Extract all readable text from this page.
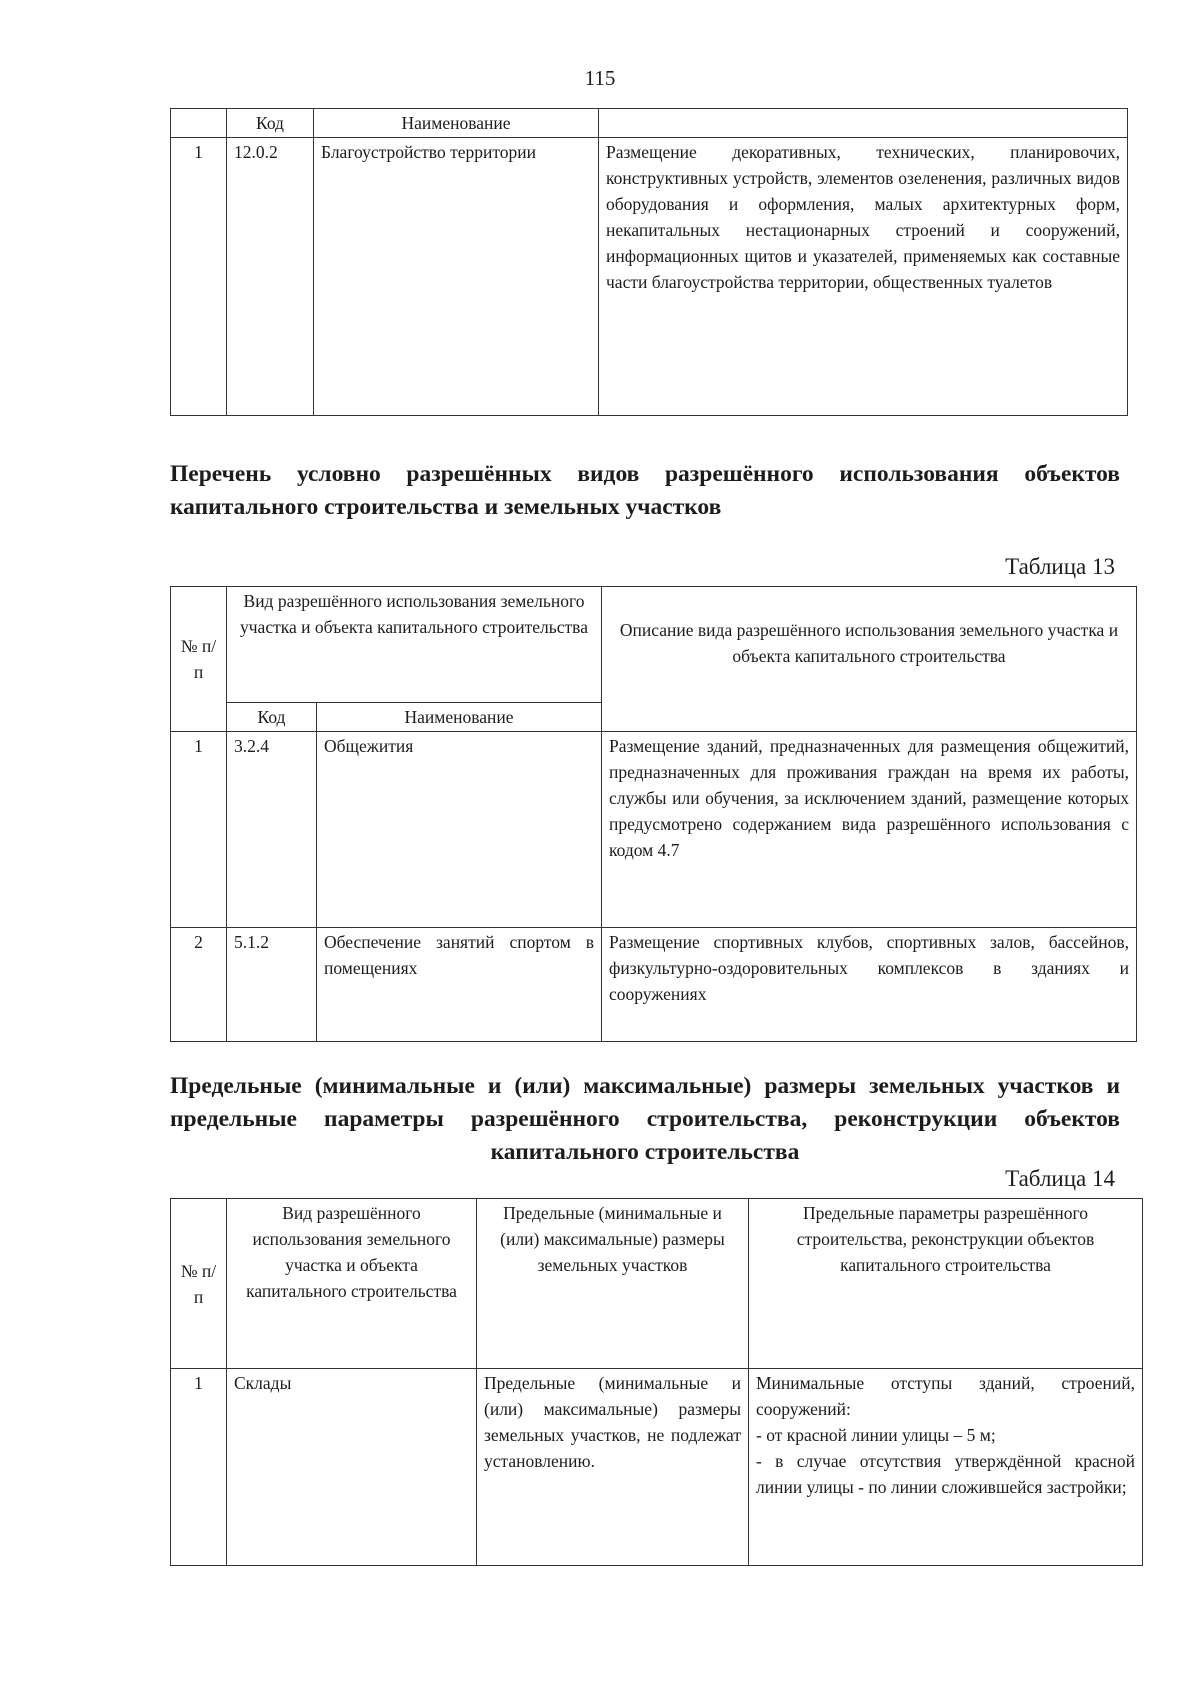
115
	Код	Наименование	
1	12.0.2	Благоустройство территории	Размещение декоративных, технических, планировочих, конструктивных устройств, элементов озеленения, различных видов оборудования и оформления, малых архитектурных форм, некапитальных нестационарных строений и сооружений, информационных щитов и указателей, применяемых как составные части благоустройства территории, общественных туалетов
Перечень условно разрешённых видов разрешённого использования объектов капитального строительства и земельных участков
Таблица 13
№ п/п	Вид разрешённого использования земельного участка и объекта капитального строительства		Описание вида разрешённого использования земельного участка и объекта капитального строительства
	Код	Наименование	
1	3.2.4	Общежития	Размещение зданий, предназначенных для размещения общежитий, предназначенных для проживания граждан на время их работы, службы или обучения, за исключением зданий, размещение которых предусмотрено содержанием вида разрешённого использования с кодом 4.7
2	5.1.2	Обеспечение занятий спортом в помещениях	Размещение спортивных клубов, спортивных залов, бассейнов, физкультурно-оздоровительных комплексов в зданиях и сооружениях
Предельные (минимальные и (или) максимальные) размеры земельных участков и предельные параметры разрешённого строительства, реконструкции объектов капитального строительства
Таблица 14
№ п/п	Вид разрешённого использования земельного участка и объекта капитального строительства	Предельные (минимальные и (или) максимальные) размеры земельных участков	Предельные параметры разрешённого строительства, реконструкции объектов капитального строительства
1	Склады	Предельные (минимальные и (или) максимальные) размеры земельных участков, не подлежат установлению.	Минимальные отступы зданий, строений, сооружений:
- от красной линии улицы – 5 м;
- в случае отсутствия утверждённой красной линии улицы - по линии сложившейся застройки;
